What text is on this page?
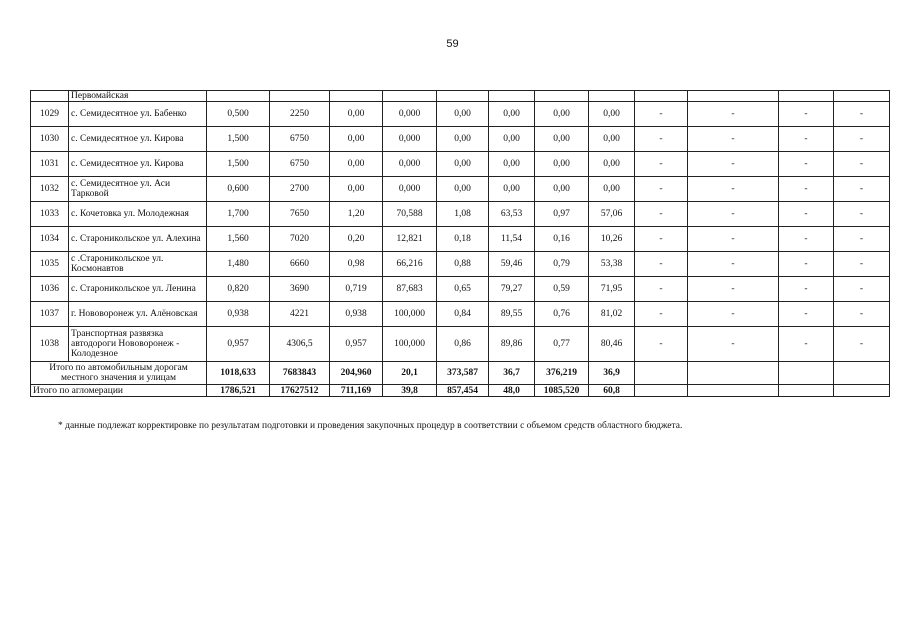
59
	Первомайская												
1029	с. Семидесятное ул. Бабенко	0,500	2250	0,00	0,000	0,00	0,00	0,00	0,00	-	-	-	-
1030	с. Семидесятное ул. Кирова	1,500	6750	0,00	0,000	0,00	0,00	0,00	0,00	-	-	-	-
1031	с. Семидесятное ул. Кирова	1,500	6750	0,00	0,000	0,00	0,00	0,00	0,00	-	-	-	-
1032	с. Семидесятное ул. Аси Тарковой	0,600	2700	0,00	0,000	0,00	0,00	0,00	0,00	-	-	-	-
1033	с. Кочетовка ул. Молодежная	1,700	7650	1,20	70,588	1,08	63,53	0,97	57,06	-	-	-	-
1034	с. Староникольское ул. Алехина	1,560	7020	0,20	12,821	0,18	11,54	0,16	10,26	-	-	-	-
1035	с .Староникольское ул. Космонавтов	1,480	6660	0,98	66,216	0,88	59,46	0,79	53,38	-	-	-	-
1036	с. Староникольское ул. Ленина	0,820	3690	0,719	87,683	0,65	79,27	0,59	71,95	-	-	-	-
1037	г. Нововоронеж ул. Алёновская	0,938	4221	0,938	100,000	0,84	89,55	0,76	81,02	-	-	-	-
1038	Транспортная развязка автодороги Нововоронеж - Колодезное	0,957	4306,5	0,957	100,000	0,86	89,86	0,77	80,46	-	-	-	-
Итого по автомобильным дорогам местного значения и улицам		1018,633	7683843	204,960	20,1	373,587	36,7	376,219	36,9				
Итого по агломерации		1786,521	17627512	711,169	39,8	857,454	48,0	1085,520	60,8				
* данные подлежат корректировке по результатам подготовки и проведения закупочных процедур в соответствии с объемом средств областного бюджета.
